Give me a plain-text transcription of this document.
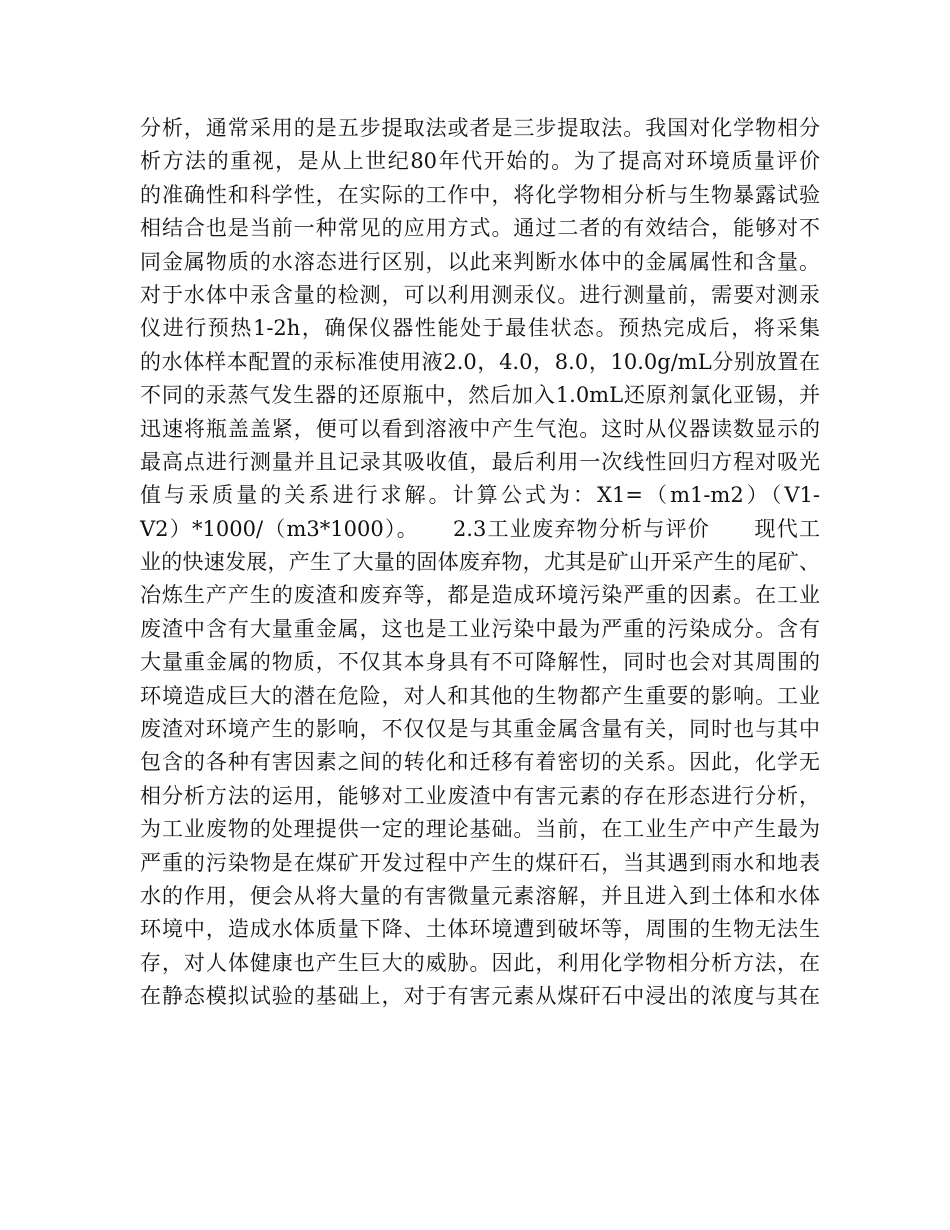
分析，通常采用的是五步提取法或者是三步提取法。我国对化学物相分
析方法的重视，是从上世纪80年代开始的。为了提高对环境质量评价
的准确性和科学性，在实际的工作中，将化学物相分析与生物暴露试验
相结合也是当前一种常见的应用方式。通过二者的有效结合，能够对不
同金属物质的水溶态进行区别，以此来判断水体中的金属属性和含量。
对于水体中汞含量的检测，可以利用测汞仪。进行测量前，需要对测汞
仪进行预热1-2h，确保仪器性能处于最佳状态。预热完成后，将采集
的水体样本配置的汞标准使用液2.0，4.0，8.0，10.0g/mL分别放置在
不同的汞蒸气发生器的还原瓶中，然后加入1.0mL还原剂氯化亚锡，并
迅速将瓶盖盖紧，便可以看到溶液中产生气泡。这时从仪器读数显示的
最高点进行测量并且记录其吸收值，最后利用一次线性回归方程对吸光
值与汞质量的关系进行求解。计算公式为：X1=（m1-m2）（V1-
V2）*1000/（m3*1000）。　　2.3工业废弃物分析与评价　　现代工
业的快速发展，产生了大量的固体废弃物，尤其是矿山开采产生的尾矿、
冶炼生产产生的废渣和废弃等，都是造成环境污染严重的因素。在工业
废渣中含有大量重金属，这也是工业污染中最为严重的污染成分。含有
大量重金属的物质，不仅其本身具有不可降解性，同时也会对其周围的
环境造成巨大的潜在危险，对人和其他的生物都产生重要的影响。工业
废渣对环境产生的影响，不仅仅是与其重金属含量有关，同时也与其中
包含的各种有害因素之间的转化和迁移有着密切的关系。因此，化学无
相分析方法的运用，能够对工业废渣中有害元素的存在形态进行分析，
为工业废物的处理提供一定的理论基础。当前，在工业生产中产生最为
严重的污染物是在煤矿开发过程中产生的煤矸石，当其遇到雨水和地表
水的作用，便会从将大量的有害微量元素溶解，并且进入到土体和水体
环境中，造成水体质量下降、土体环境遭到破坏等，周围的生物无法生
存，对人体健康也产生巨大的威胁。因此，利用化学物相分析方法，在
在静态模拟试验的基础上，对于有害元素从煤矸石中浸出的浓度与其在
